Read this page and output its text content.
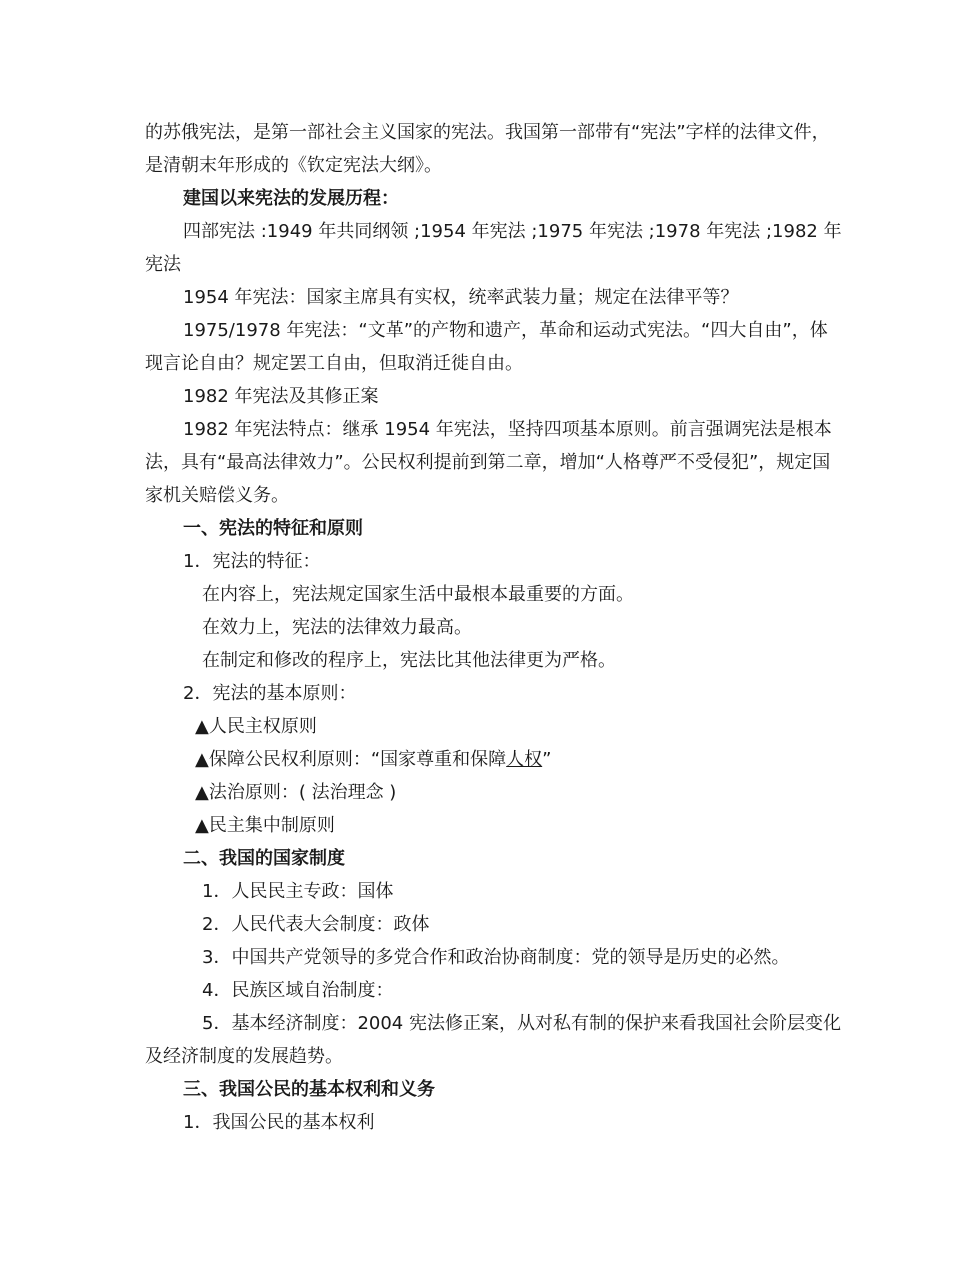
的苏俄宪法，是第一部社会主义国家的宪法。我国第一部带有“宪法”字样的法律文件，是清朝末年形成的《钦定宪法大纲》。

建国以来宪法的发展历程：

四部宪法 :1949 年共同纲领 ;1954 年宪法 ;1975 年宪法 ;1978 年宪法 ;1982 年宪法

1954 年宪法：国家主席具有实权，统率武装力量；规定在法律平等？

1975/1978 年宪法：“文革”的产物和遗产，革命和运动式宪法。“四大自由”，体现言论自由？规定罢工自由，但取消迁徙自由。

1982 年宪法及其修正案

1982 年宪法特点：继承 1954 年宪法，坚持四项基本原则。前言强调宪法是根本法，具有“最高法律效力”。公民权利提前到第二章，增加“人格尊严不受侵犯”，规定国家机关赔偿义务。

一、宪法的特征和原则

1．宪法的特征：

在内容上，宪法规定国家生活中最根本最重要的方面。

在效力上，宪法的法律效力最高。

在制定和修改的程序上，宪法比其他法律更为严格。

2．宪法的基本原则：

▲人民主权原则

▲保障公民权利原则：“国家尊重和保障人权”

▲法治原则：( 法治理念 )

▲民主集中制原则

二、我国的国家制度

1．人民民主专政：国体

2．人民代表大会制度：政体

3．中国共产党领导的多党合作和政治协商制度：党的领导是历史的必然。

4．民族区域自治制度：

5．基本经济制度：2004 宪法修正案，从对私有制的保护来看我国社会阶层变化及经济制度的发展趋势。

三、我国公民的基本权利和义务

1．我国公民的基本权利
